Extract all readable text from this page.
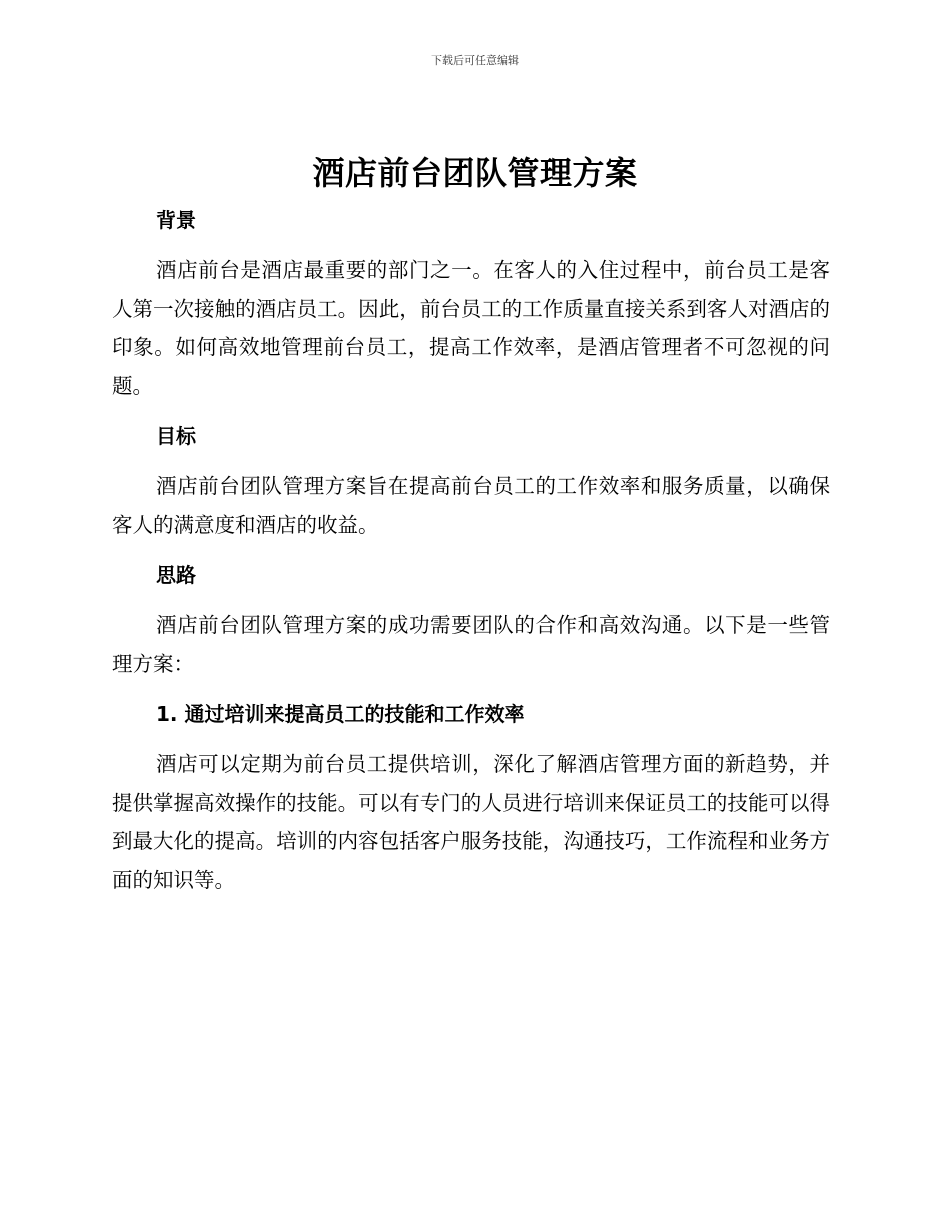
下载后可任意编辑
酒店前台团队管理方案
背景

酒店前台是酒店最重要的部门之一。在客人的入住过程中，前台员工是客人第一次接触的酒店员工。因此，前台员工的工作质量直接关系到客人对酒店的印象。如何高效地管理前台员工，提高工作效率，是酒店管理者不可忽视的问题。

目标

酒店前台团队管理方案旨在提高前台员工的工作效率和服务质量，以确保客人的满意度和酒店的收益。

思路

酒店前台团队管理方案的成功需要团队的合作和高效沟通。以下是一些管理方案：

1. 通过培训来提高员工的技能和工作效率

酒店可以定期为前台员工提供培训，深化了解酒店管理方面的新趋势，并提供掌握高效操作的技能。可以有专门的人员进行培训来保证员工的技能可以得到最大化的提高。培训的内容包括客户服务技能，沟通技巧，工作流程和业务方面的知识等。
